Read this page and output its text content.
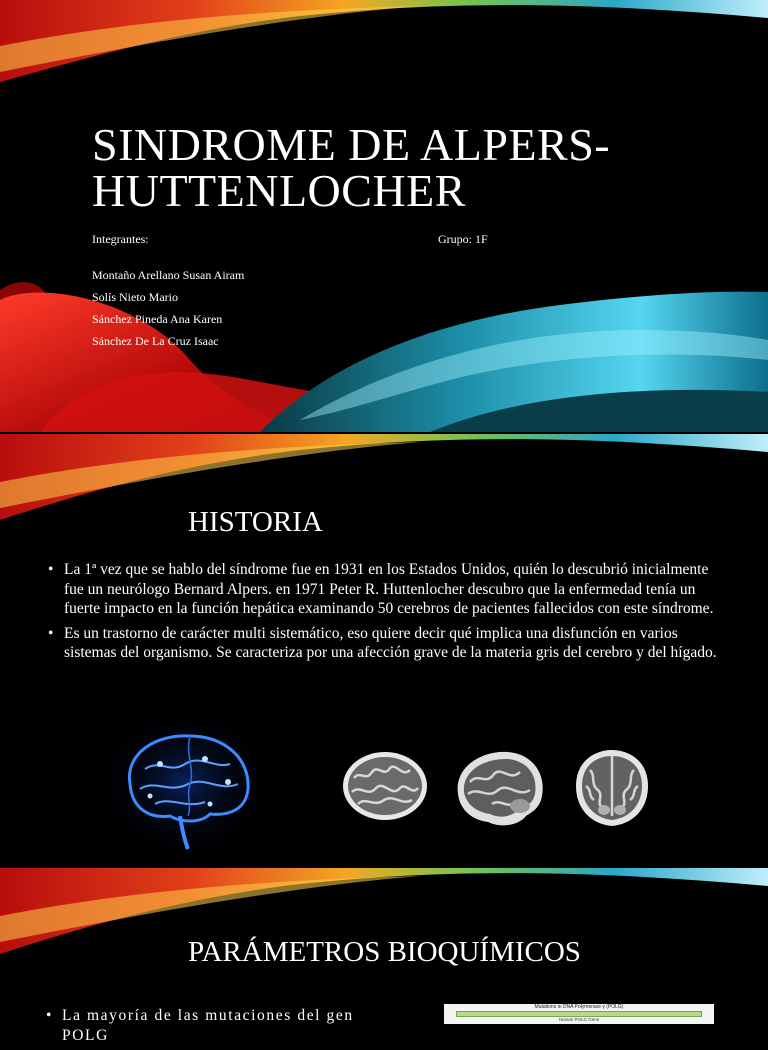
SINDROME DE ALPERS-
HUTTENLOCHER
Integrantes:	Grupo: 1F
Montaño Arellano Susan Airam
Solís Nieto Mario
Sánchez Pineda Ana Karen
Sánchez De La Cruz Isaac
HISTORIA
• La 1ª vez que se hablo del síndrome fue en 1931 en los Estados Unidos, quién lo descubrió inicialmente fue un neurólogo Bernard Alpers. en 1971 Peter R. Huttenlocher descubro que la enfermedad tenía un fuerte impacto en la función hepática examinando 50 cerebros de pacientes fallecidos con este síndrome.
• Es un trastorno de carácter multi sistemático, eso quiere decir qué implica una disfunción en varios sistemas del organismo. Se caracteriza por una afección grave de la materia gris del cerebro y del hígado.
PARÁMETROS BIOQUÍMICOS
• La mayoría de las mutaciones del gen POLG
Mutations in DNA Polymerase γ (POLG)
Human POLG Gene
